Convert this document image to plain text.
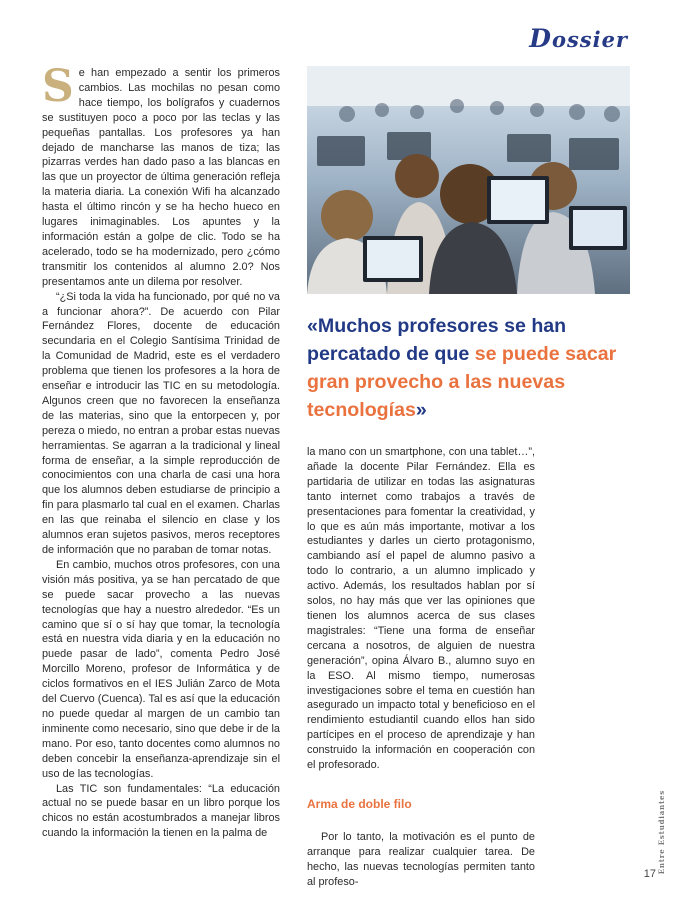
Dossier

Se han empezado a sentir los primeros cambios. Las mochilas no pesan como hace tiempo, los bolígrafos y cuadernos se sustituyen poco a poco por las teclas y las pequeñas pantallas. Los profesores ya han dejado de mancharse las manos de tiza; las pizarras verdes han dado paso a las blancas en las que un proyector de última generación refleja la materia diaria. La conexión Wifi ha alcanzado hasta el último rincón y se ha hecho hueco en lugares inimaginables. Los apuntes y la información están a golpe de clic. Todo se ha acelerado, todo se ha modernizado, pero ¿cómo transmitir los contenidos al alumno 2.0? Nos presentamos ante un dilema por resolver.

“¿Si toda la vida ha funcionado, por qué no va a funcionar ahora?”. De acuerdo con Pilar Fernández Flores, docente de educación secundaria en el Colegio Santísima Trinidad de la Comunidad de Madrid, este es el verdadero problema que tienen los profesores a la hora de enseñar e introducir las TIC en su metodología. Algunos creen que no favorecen la enseñanza de las materias, sino que la entorpecen y, por pereza o miedo, no entran a probar estas nuevas herramientas. Se agarran a la tradicional y lineal forma de enseñar, a la simple reproducción de conocimientos con una charla de casi una hora que los alumnos deben estudiarse de principio a fin para plasmarlo tal cual en el examen. Charlas en las que reinaba el silencio en clase y los alumnos eran sujetos pasivos, meros receptores de información que no paraban de tomar notas.

En cambio, muchos otros profesores, con una visión más positiva, ya se han percatado de que se puede sacar provecho a las nuevas tecnologías que hay a nuestro alrededor. “Es un camino que sí o sí hay que tomar, la tecnología está en nuestra vida diaria y en la educación no puede pasar de lado”, comenta Pedro José Morcillo Moreno, profesor de Informática y de ciclos formativos en el IES Julián Zarco de Mota del Cuervo (Cuenca). Tal es así que la educación no puede quedar al margen de un cambio tan inminente como necesario, sino que debe ir de la mano. Por eso, tanto docentes como alumnos no deben concebir la enseñanza-aprendizaje sin el uso de las tecnologías.

Las TIC son fundamentales: “La educación actual no se puede basar en un libro porque los chicos no están acostumbrados a manejar libros cuando la información la tienen en la palma de

«Muchos profesores se han percatado de que se puede sacar gran provecho a las nuevas tecnologías»

la mano con un smartphone, con una tablet…”, añade la docente Pilar Fernández. Ella es partidaria de utilizar en todas las asignaturas tanto internet como trabajos a través de presentaciones para fomentar la creatividad, y lo que es aún más importante, motivar a los estudiantes y darles un cierto protagonismo, cambiando así el papel de alumno pasivo a todo lo contrario, a un alumno implicado y activo. Además, los resultados hablan por sí solos, no hay más que ver las opiniones que tienen los alumnos acerca de sus clases magistrales: “Tiene una forma de enseñar cercana a nosotros, de alguien de nuestra generación”, opina Álvaro B., alumno suyo en la ESO. Al mismo tiempo, numerosas investigaciones sobre el tema en cuestión han asegurado un impacto total y beneficioso en el rendimiento estudiantil cuando ellos han sido partícipes en el proceso de aprendizaje y han construido la información en cooperación con el profesorado.

Arma de doble filo

Por lo tanto, la motivación es el punto de arranque para realizar cualquier tarea. De hecho, las nuevas tecnologías permiten tanto al profeso-

Entre Estudiantes
17
